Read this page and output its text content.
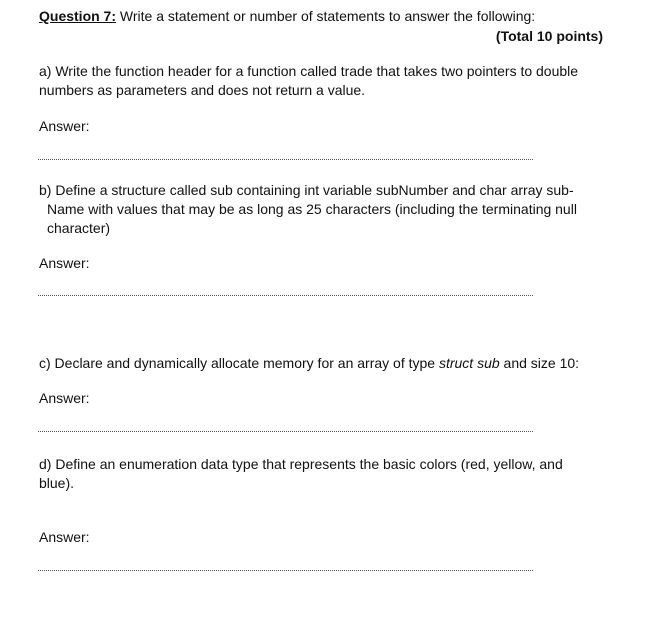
Question 7: Write a statement or number of statements to answer the following:
(Total 10 points)
a) Write the function header for a function called trade that takes two pointers to double numbers as parameters and does not return a value.
Answer:
b) Define a structure called sub containing int variable subNumber and char array sub-
Name with values that may be as long as 25 characters (including the terminating null
character)
Answer:
c) Declare and dynamically allocate memory for an array of type struct sub and size 10:
Answer:
d) Define an enumeration data type that represents the basic colors (red, yellow, and blue).
Answer:
